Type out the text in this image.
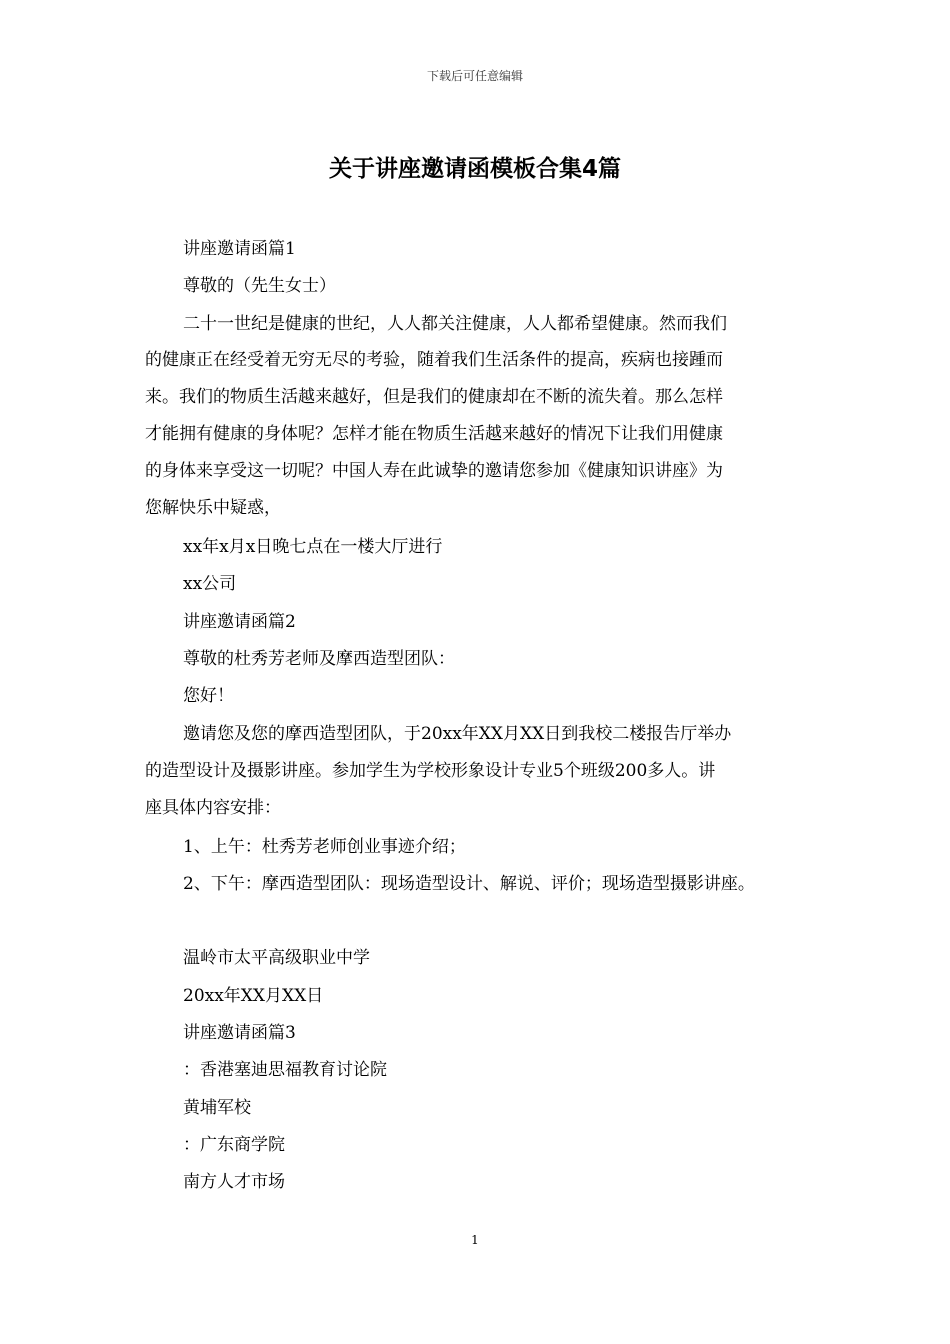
下载后可任意编辑
关于讲座邀请函模板合集4篇
讲座邀请函篇1
尊敬的（先生女士）
二十一世纪是健康的世纪，人人都关注健康，人人都希望健康。然而我们
的健康正在经受着无穷无尽的考验，随着我们生活条件的提高，疾病也接踵而
来。我们的物质生活越来越好，但是我们的健康却在不断的流失着。那么怎样
才能拥有健康的身体呢？怎样才能在物质生活越来越好的情况下让我们用健康
的身体来享受这一切呢？中国人寿在此诚挚的邀请您参加《健康知识讲座》为
您解快乐中疑惑，
xx年x月x日晚七点在一楼大厅进行
xx公司
讲座邀请函篇2
尊敬的杜秀芳老师及摩西造型团队：
您好！
邀请您及您的摩西造型团队，于20xx年XX月XX日到我校二楼报告厅举办
的造型设计及摄影讲座。参加学生为学校形象设计专业5个班级200多人。讲
座具体内容安排：
1、上午：杜秀芳老师创业事迹介绍；
2、下午：摩西造型团队：现场造型设计、解说、评价；现场造型摄影讲座。
温岭市太平高级职业中学
20xx年XX月XX日
讲座邀请函篇3
：香港塞迪思福教育讨论院
黄埔军校
：广东商学院
南方人才市场
1
